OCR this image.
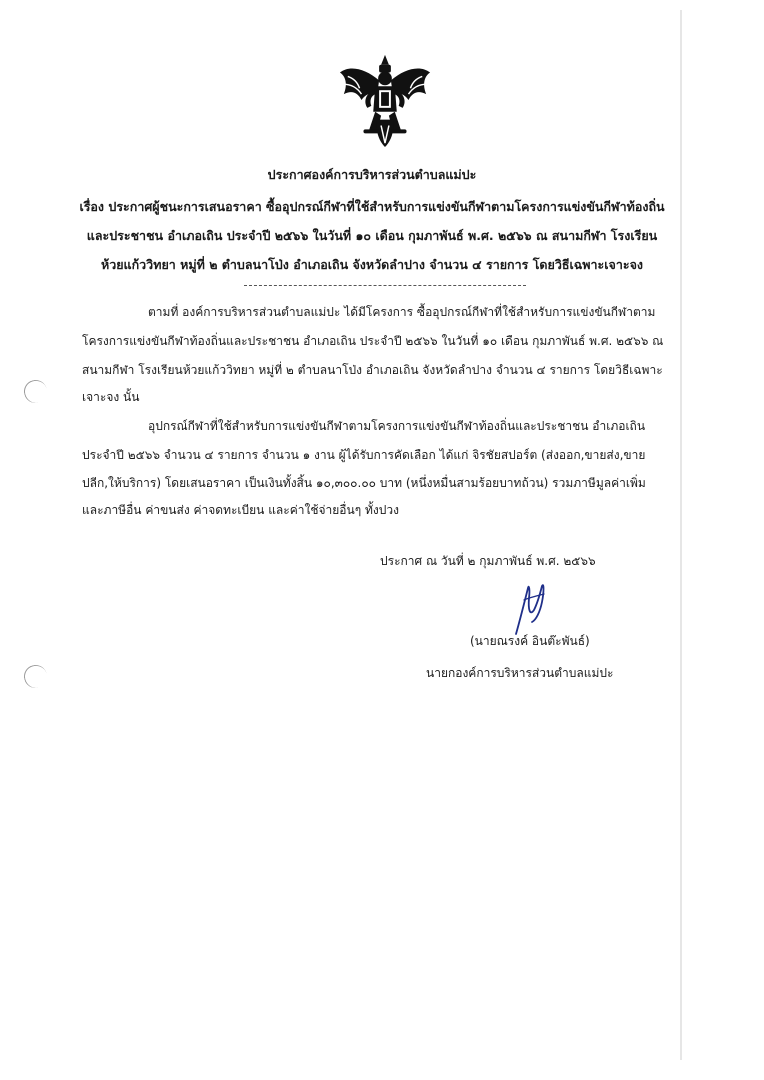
ประกาศองค์การบริหารส่วนตำบลแม่ปะ
เรื่อง ประกาศผู้ชนะการเสนอราคา ซื้ออุปกรณ์กีฬาที่ใช้สำหรับการแข่งขันกีฬาตามโครงการแข่งขันกีฬาท้องถิ่น
และประชาชน อำเภอเถิน ประจำปี ๒๕๖๖ ในวันที่ ๑๐ เดือน กุมภาพันธ์ พ.ศ. ๒๕๖๖ ณ สนามกีฬา โรงเรียน
ห้วยแก้ววิทยา หมู่ที่ ๒ ตำบลนาโป่ง อำเภอเถิน จังหวัดลำปาง จำนวน ๔ รายการ โดยวิธีเฉพาะเจาะจง
ตามที่ องค์การบริหารส่วนตำบลแม่ปะ ได้มีโครงการ ซื้ออุปกรณ์กีฬาที่ใช้สำหรับการแข่งขันกีฬาตาม
โครงการแข่งขันกีฬาท้องถิ่นและประชาชน อำเภอเถิน ประจำปี ๒๕๖๖ ในวันที่ ๑๐ เดือน กุมภาพันธ์ พ.ศ. ๒๕๖๖ ณ
สนามกีฬา โรงเรียนห้วยแก้ววิทยา หมู่ที่ ๒ ตำบลนาโป่ง อำเภอเถิน จังหวัดลำปาง จำนวน ๔ รายการ โดยวิธีเฉพาะ
เจาะจง นั้น
อุปกรณ์กีฬาที่ใช้สำหรับการแข่งขันกีฬาตามโครงการแข่งขันกีฬาท้องถิ่นและประชาชน อำเภอเถิน
ประจำปี ๒๕๖๖ จำนวน ๔ รายการ จำนวน ๑ งาน ผู้ได้รับการคัดเลือก ได้แก่ จิรชัยสปอร์ต (ส่งออก,ขายส่ง,ขาย
ปลีก,ให้บริการ) โดยเสนอราคา เป็นเงินทั้งสิ้น ๑๐,๓๐๐.๐๐ บาท (หนึ่งหมื่นสามร้อยบาทถ้วน) รวมภาษีมูลค่าเพิ่ม
และภาษีอื่น ค่าขนส่ง ค่าจดทะเบียน และค่าใช้จ่ายอื่นๆ ทั้งปวง
ประกาศ ณ วันที่ ๒ กุมภาพันธ์ พ.ศ. ๒๕๖๖
(นายณรงค์ อินต๊ะพันธ์)
นายกองค์การบริหารส่วนตำบลแม่ปะ
